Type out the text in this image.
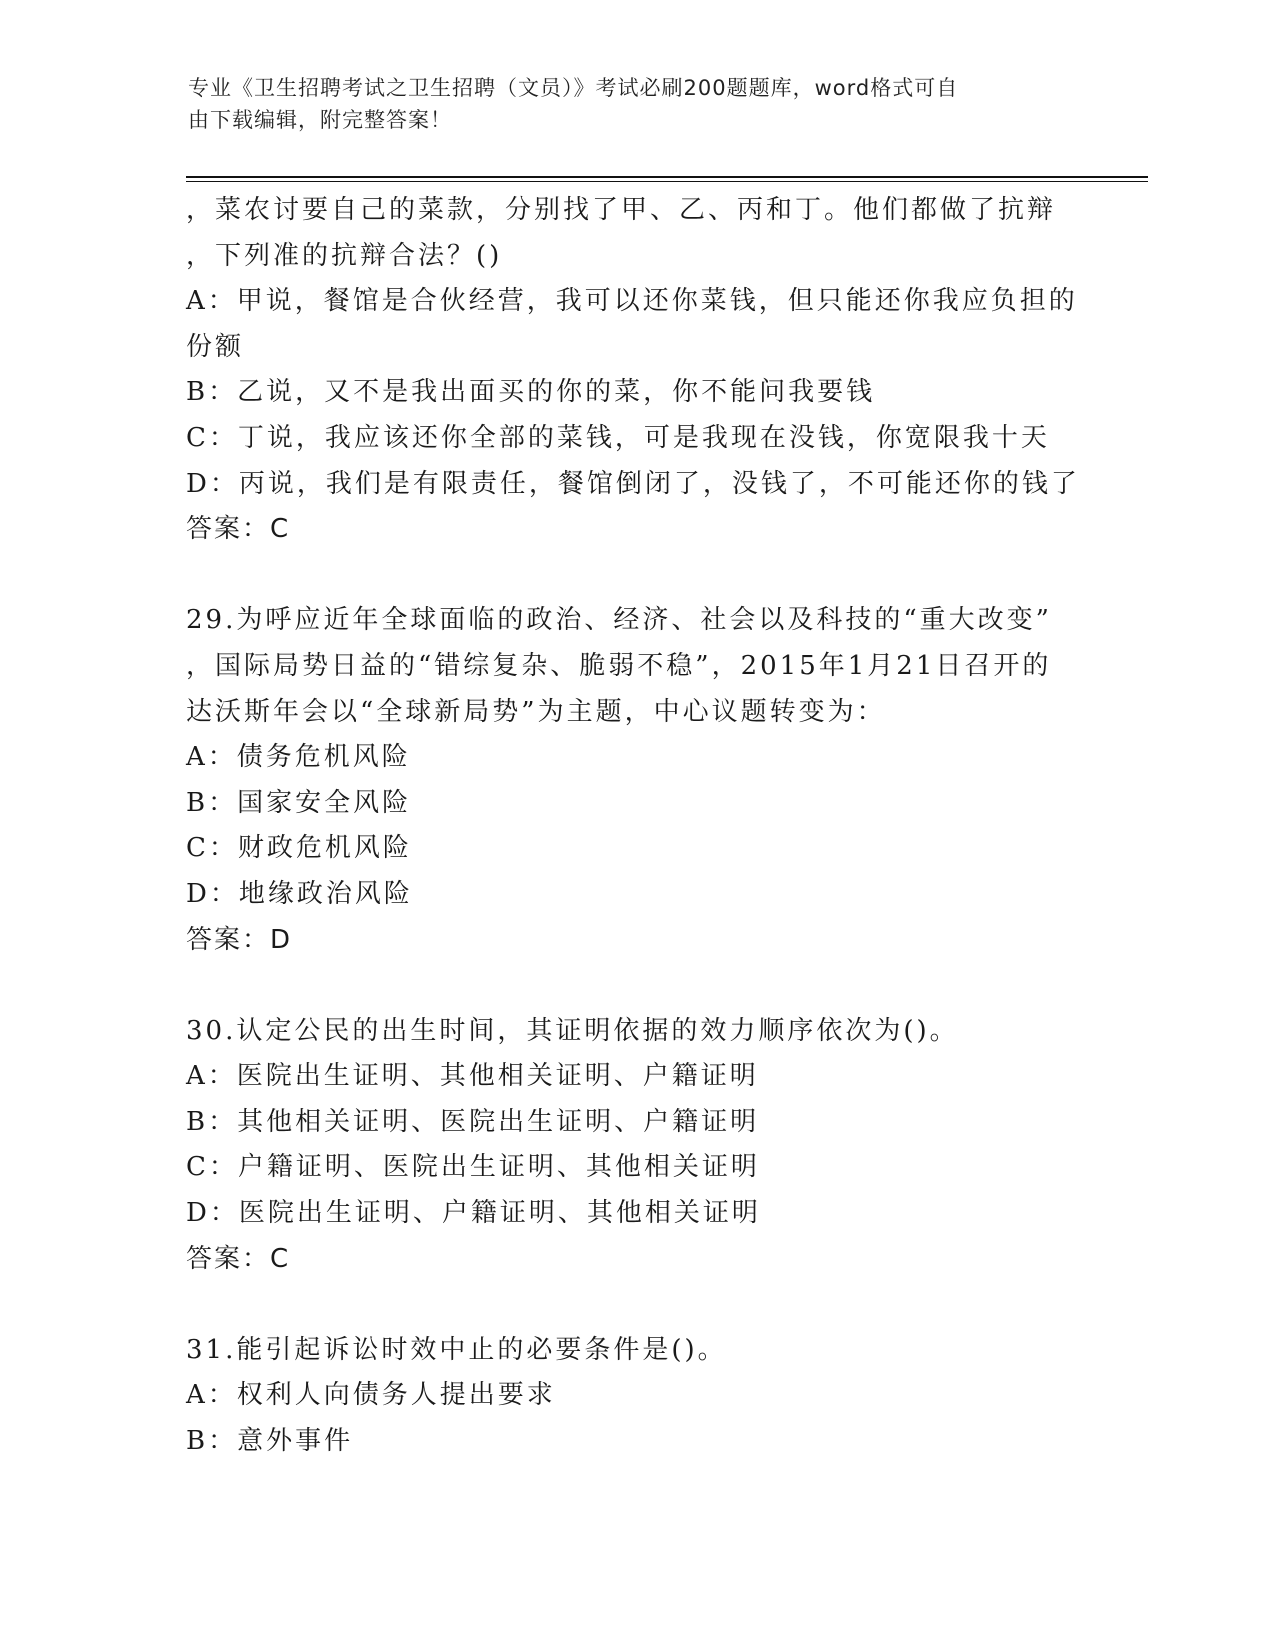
专业《卫生招聘考试之卫生招聘（文员）》考试必刷200题题库，word格式可自
由下载编辑，附完整答案！
，菜农讨要自己的菜款，分别找了甲、乙、丙和丁。他们都做了抗辩
，下列准的抗辩合法？()
A：甲说，餐馆是合伙经营，我可以还你菜钱，但只能还你我应负担的
份额
B：乙说，又不是我出面买的你的菜，你不能问我要钱
C：丁说，我应该还你全部的菜钱，可是我现在没钱，你宽限我十天
D：丙说，我们是有限责任，餐馆倒闭了，没钱了，不可能还你的钱了
答案：C
29.为呼应近年全球面临的政治、经济、社会以及科技的“重大改变”
，国际局势日益的“错综复杂、脆弱不稳”，2015年1月21日召开的
达沃斯年会以“全球新局势”为主题，中心议题转变为：
A：债务危机风险
B：国家安全风险
C：财政危机风险
D：地缘政治风险
答案：D
30.认定公民的出生时间，其证明依据的效力顺序依次为()。
A：医院出生证明、其他相关证明、户籍证明
B：其他相关证明、医院出生证明、户籍证明
C：户籍证明、医院出生证明、其他相关证明
D：医院出生证明、户籍证明、其他相关证明
答案：C
31.能引起诉讼时效中止的必要条件是()。
A：权利人向债务人提出要求
B：意外事件
